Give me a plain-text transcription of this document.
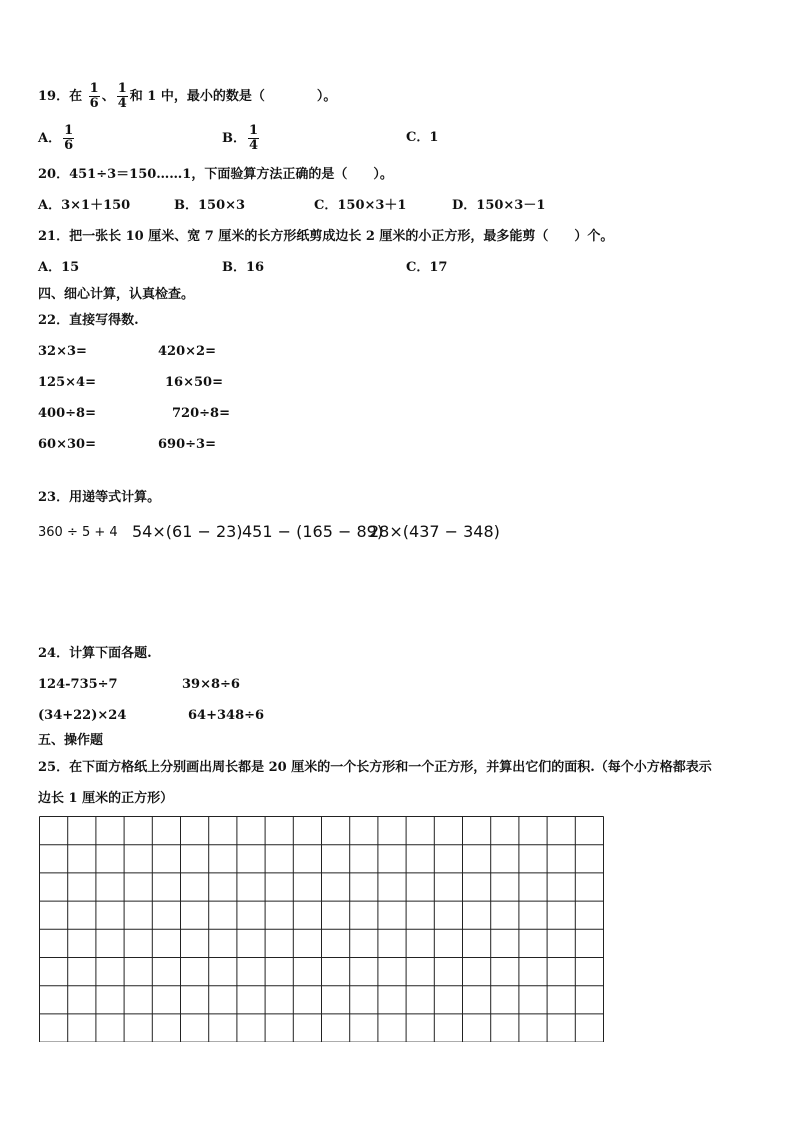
19．在 $\frac{1}{6}$ 、 $\frac{1}{4}$ 和 1 中，最小的数是（　　　　）。
A． $\frac{1}{6}$	B． $\frac{1}{4}$	C．1
20．451÷3＝150……1，下面验算方法正确的是（　　）。
A．3×1＋150	B．150×3	C．150×3＋1	D．150×3－1
21．把一张长 10 厘米、宽 7 厘米的长方形纸剪成边长 2 厘米的小正方形，最多能剪（　　）个。
A．15	B．16	C．17
四、细心计算，认真检查。
22．直接写得数.
32×3=	420×2=
125×4=	16×50=
400÷8=	720÷8=
60×30=	690÷3=
23．用递等式计算。
360 ÷ 5 + 4 54×(61 − 23) 451 − (165 − 89)
28×(437 − 348)
24．计算下面各题.
124-735÷7	39×8÷6
(34+22)×24	64+348÷6
五、操作题
25．在下面方格纸上分别画出周长都是 20 厘米的一个长方形和一个正方形，并算出它们的面积.（每个小方格都表示
边长 1 厘米的正方形）
